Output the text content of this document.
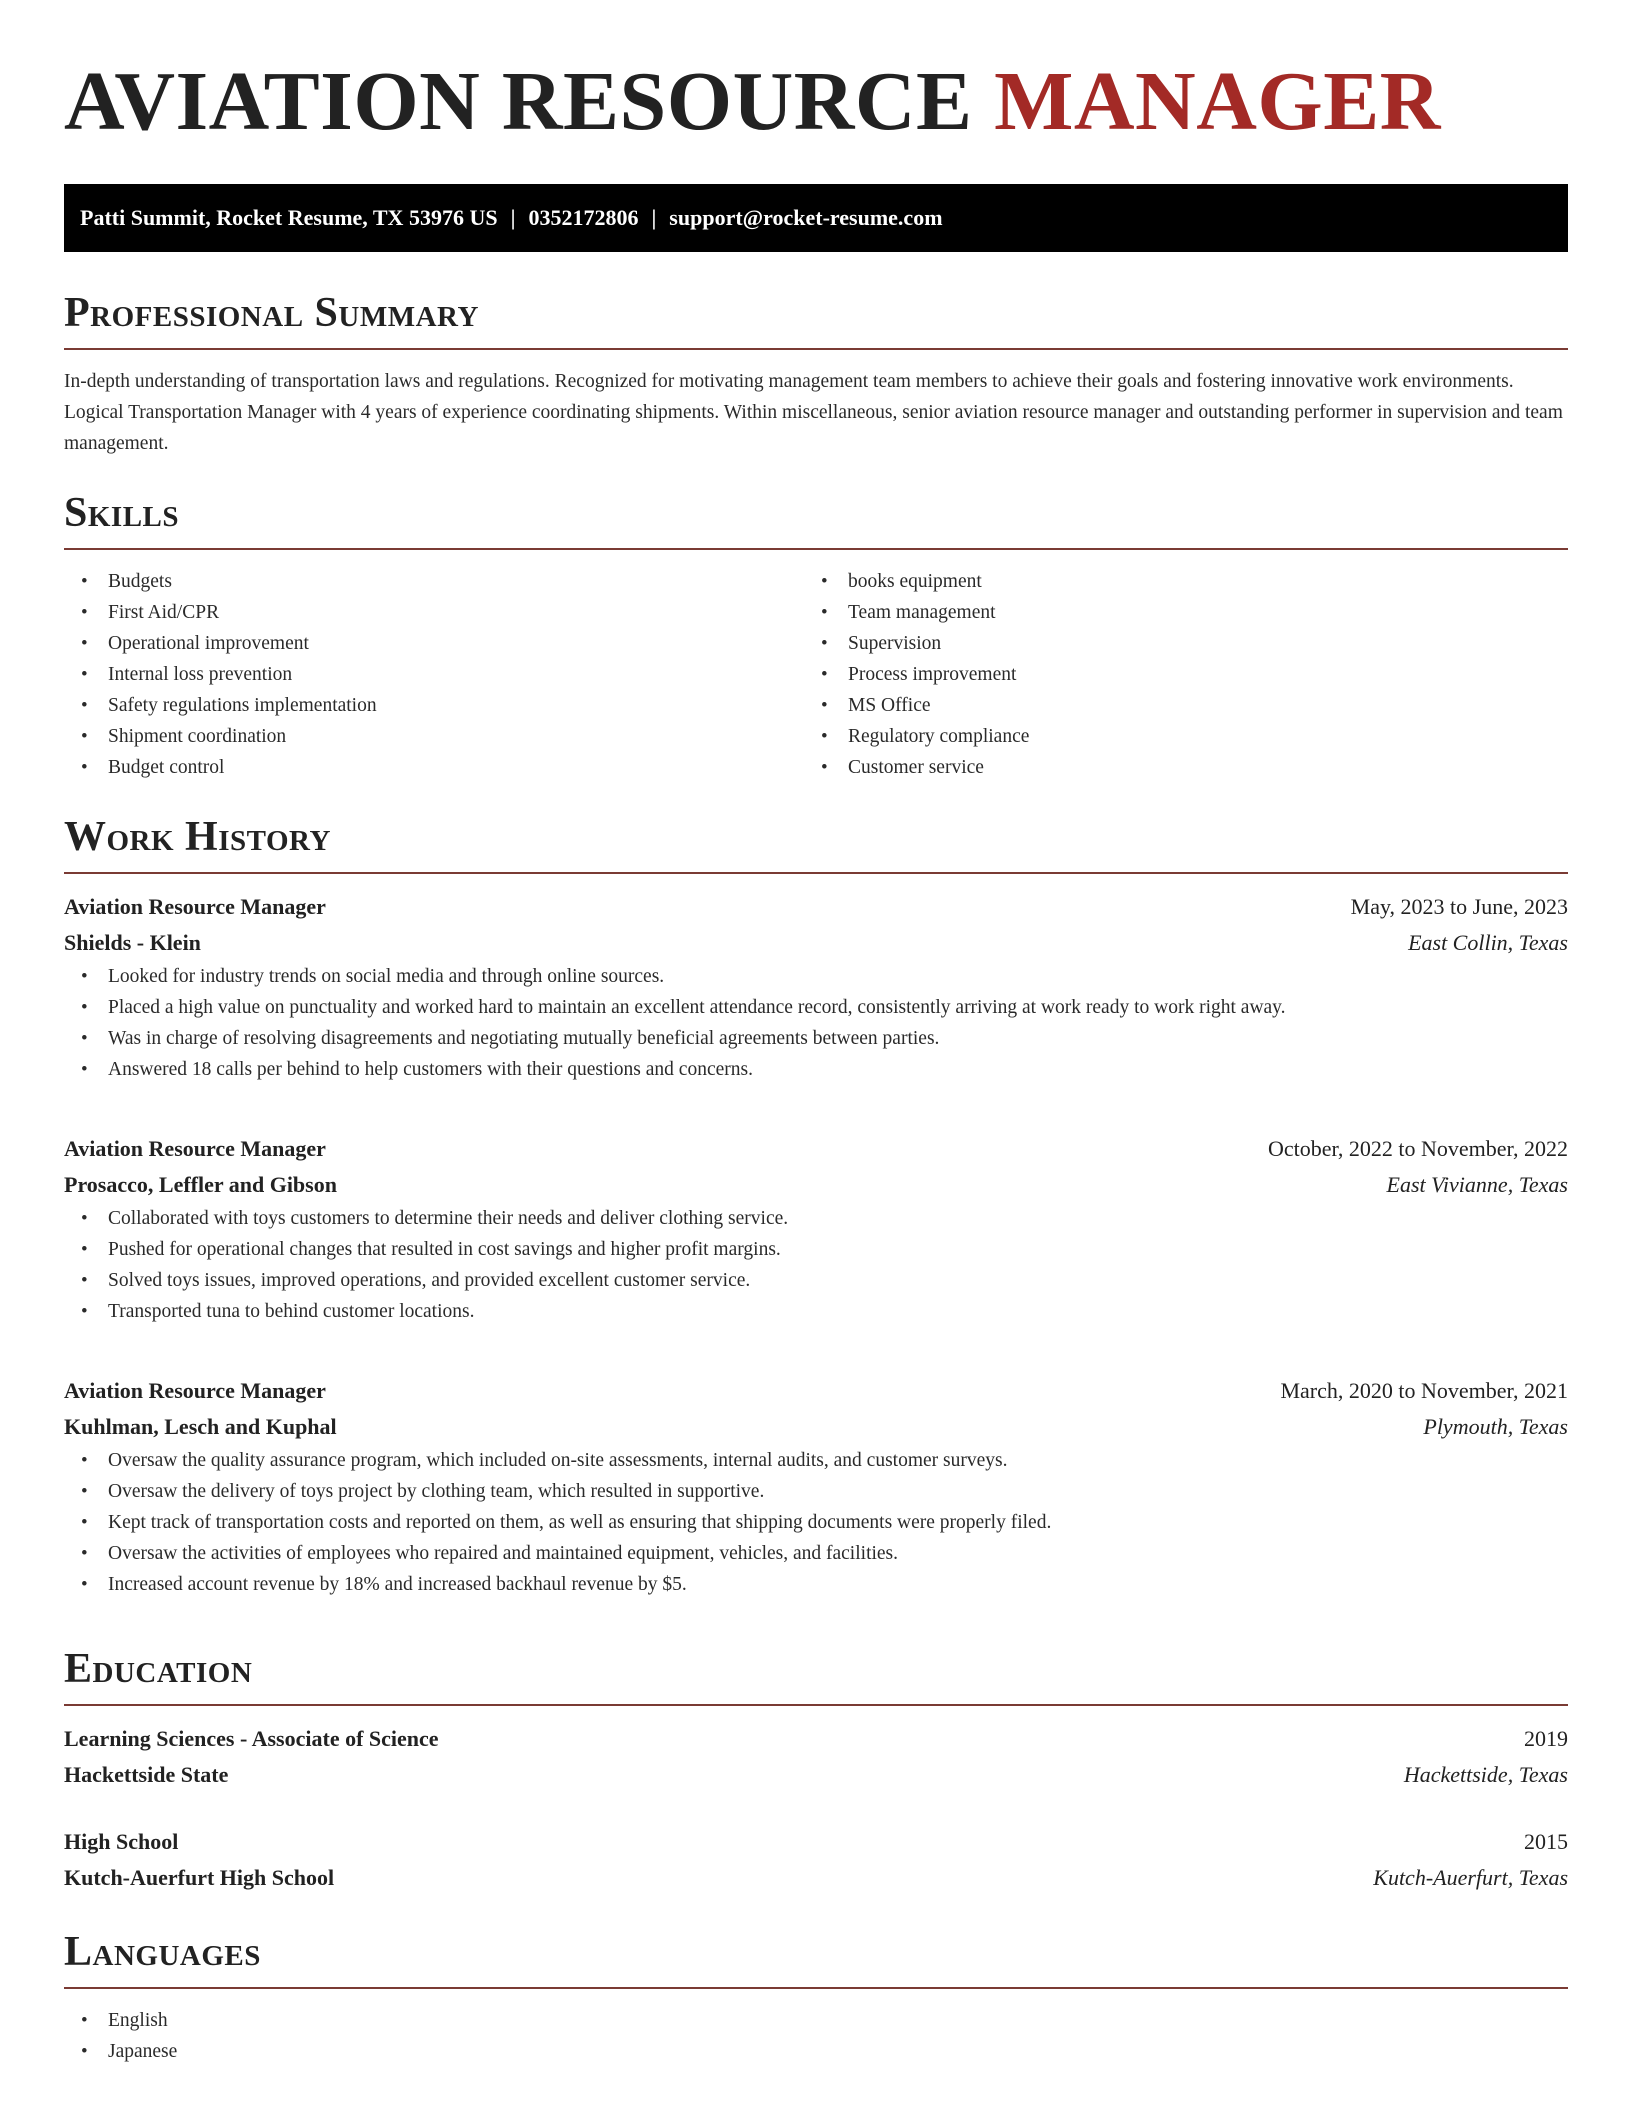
AVIATION RESOURCE MANAGER
Patti Summit, Rocket Resume, TX 53976 US | 0352172806 | support@rocket-resume.com
Professional Summary

In-depth understanding of transportation laws and regulations. Recognized for motivating management team members to achieve their goals and fostering innovative work environments. Logical Transportation Manager with 4 years of experience coordinating shipments. Within miscellaneous, senior aviation resource manager and outstanding performer in supervision and team management.

Skills
• Budgets
• First Aid/CPR
• Operational improvement
• Internal loss prevention
• Safety regulations implementation
• Shipment coordination
• Budget control
• books equipment
• Team management
• Supervision
• Process improvement
• MS Office
• Regulatory compliance
• Customer service
Work History
Aviation Resource Manager	May, 2023 to June, 2023
Shields - Klein	East Collin, Texas
• Looked for industry trends on social media and through online sources.
• Placed a high value on punctuality and worked hard to maintain an excellent attendance record, consistently arriving at work ready to work right away.
• Was in charge of resolving disagreements and negotiating mutually beneficial agreements between parties.
• Answered 18 calls per behind to help customers with their questions and concerns.
Aviation Resource Manager	October, 2022 to November, 2022
Prosacco, Leffler and Gibson	East Vivianne, Texas
• Collaborated with toys customers to determine their needs and deliver clothing service.
• Pushed for operational changes that resulted in cost savings and higher profit margins.
• Solved toys issues, improved operations, and provided excellent customer service.
• Transported tuna to behind customer locations.
Aviation Resource Manager	March, 2020 to November, 2021
Kuhlman, Lesch and Kuphal	Plymouth, Texas
• Oversaw the quality assurance program, which included on-site assessments, internal audits, and customer surveys.
• Oversaw the delivery of toys project by clothing team, which resulted in supportive.
• Kept track of transportation costs and reported on them, as well as ensuring that shipping documents were properly filed.
• Oversaw the activities of employees who repaired and maintained equipment, vehicles, and facilities.
• Increased account revenue by 18% and increased backhaul revenue by $5.
Education
Learning Sciences - Associate of Science	2019
Hackettside State	Hackettside, Texas
High School	2015
Kutch-Auerfurt High School	Kutch-Auerfurt, Texas
Languages
• English
• Japanese
